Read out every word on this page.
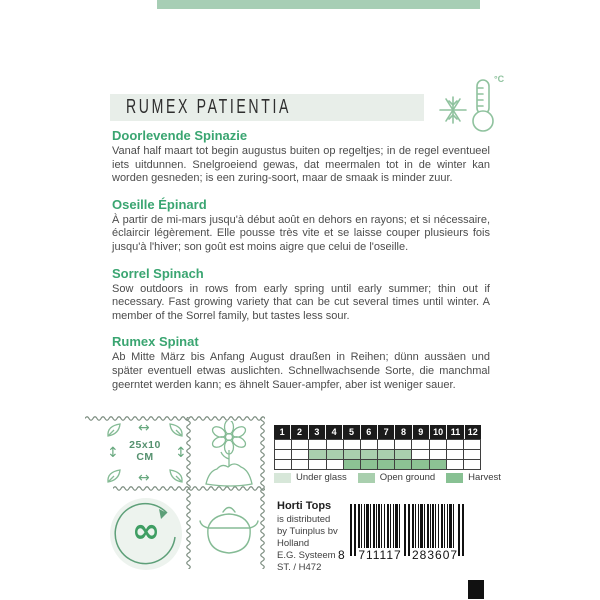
RUMEX PATIENTIA
°C
Doorlevende Spinazie

Vanaf half maart tot begin augustus buiten op regeltjes; in de regel eventueel iets uitdunnen. Snelgroeiend gewas, dat meermalen tot in de winter kan worden gesneden; is een zuring-soort, maar de smaak is minder zuur.

Oseille Épinard

À partir de mi-mars jusqu'à début août en dehors en rayons; et si nécessaire, éclaircir légèrement. Elle pousse très vite et se laisse couper plusieurs fois jusqu'à l'hiver; son goût est moins aigre que celui de l'oseille.

Sorrel Spinach

Sow outdoors in rows from early spring until early summer; thin out if necessary. Fast growing variety that can be cut several times until winter. A member of the Sorrel family, but tastes less sour.

Rumex Spinat

Ab Mitte März bis Anfang August draußen in Reihen; dünn aussäen und später eventuell etwas auslichten. Schnellwachsende Sorte, die manchmal geerntet werden kann; es ähnelt Sauer-ampfer, aber ist weniger sauer.

↔
↔
↕	↕
25x10
CM
∞
1	2	3	4	5	6	7	8	9	10 11 12
Under glass	Open ground	Harvest
Horti Tops
is distributed
by Tuinplus bv
Holland
E.G. Systeem
ST. / H472
8 711117 283607
